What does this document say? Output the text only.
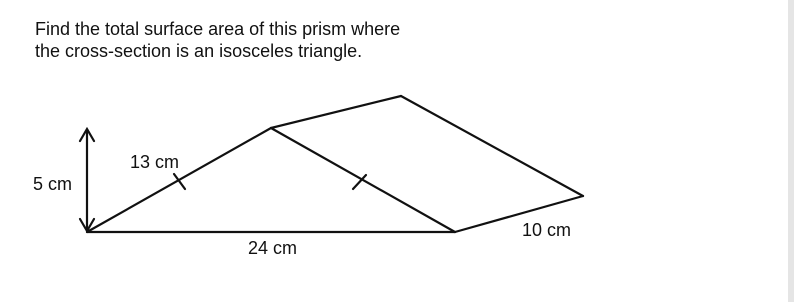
Find the total surface area of this prism where
the cross-section is an isosceles triangle.

5 cm
13 cm
24 cm
10 cm
